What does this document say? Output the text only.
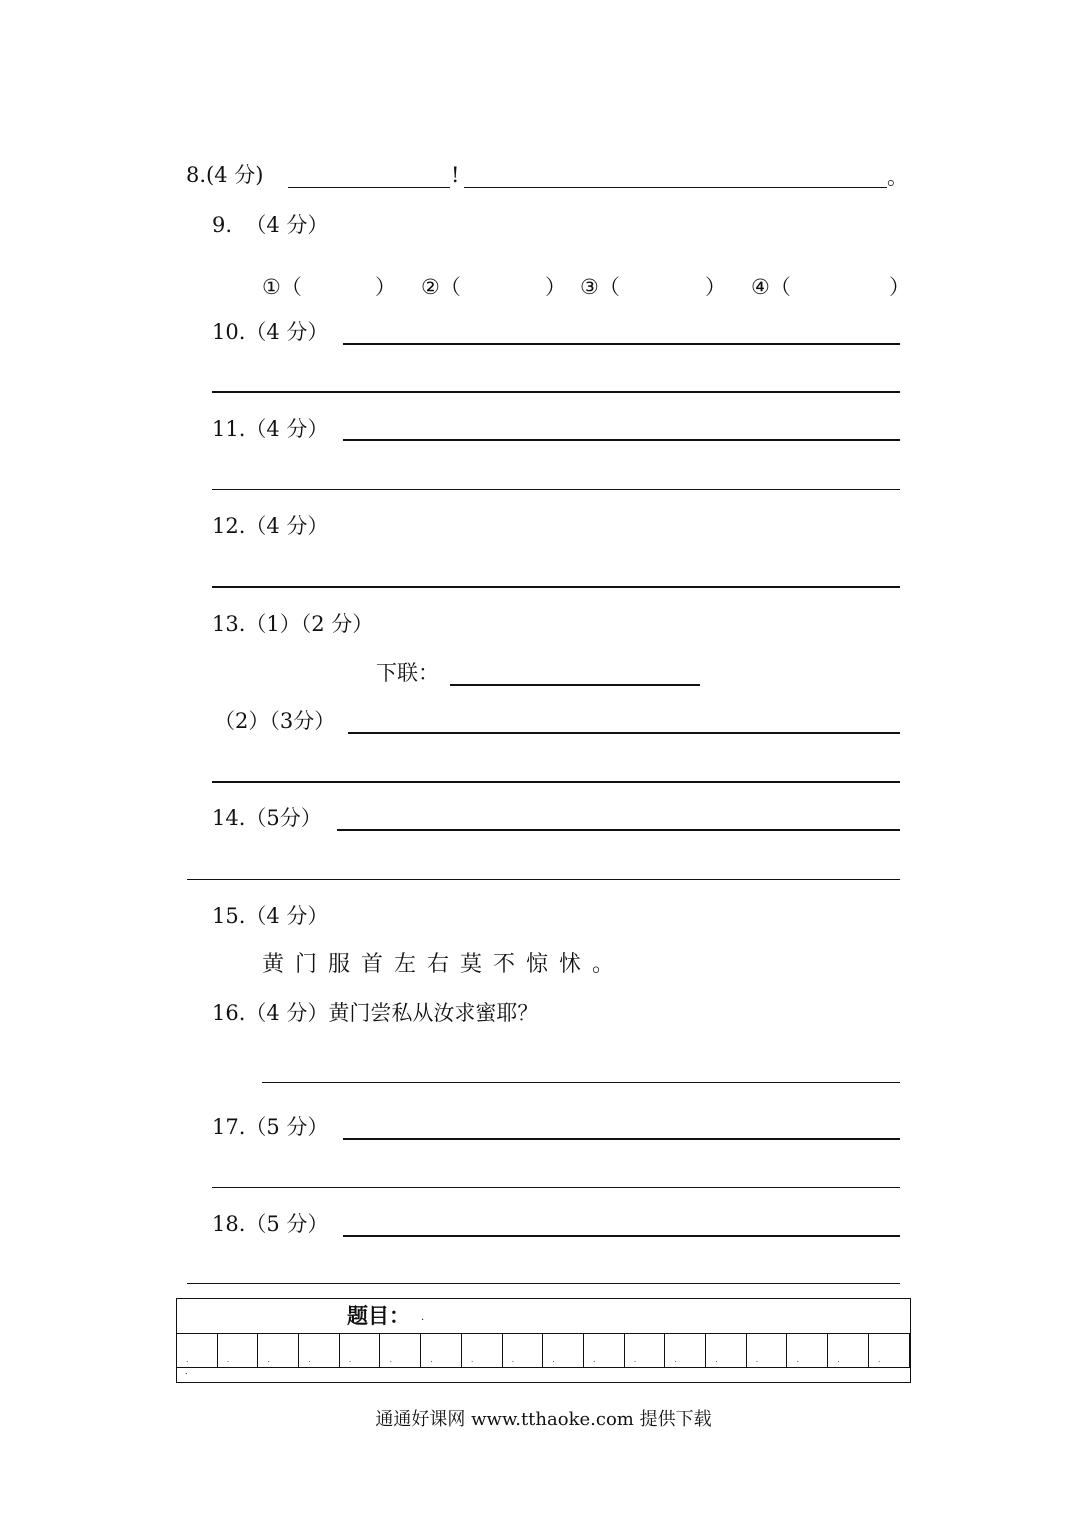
8.(4 分)	!	。
9.  （4 分）
①（	） ②（	） ③（	） ④（	）
10.（4 分）
11.（4 分）
12.（4 分）
13.（1）（2 分）
下联：
（2）（3分）
14.（5分）
15.（4 分）
黄门服首左右莫不惊怵。
16.（4 分）黄门尝私从汝求蜜耶？
17.（5 分）
18.（5 分）
题目： .
.	.	.	.	.	.	.	.	.	.	.	.	.	.	.	.	.	.
.
通通好课网 www.tthaoke.com 提供下载
